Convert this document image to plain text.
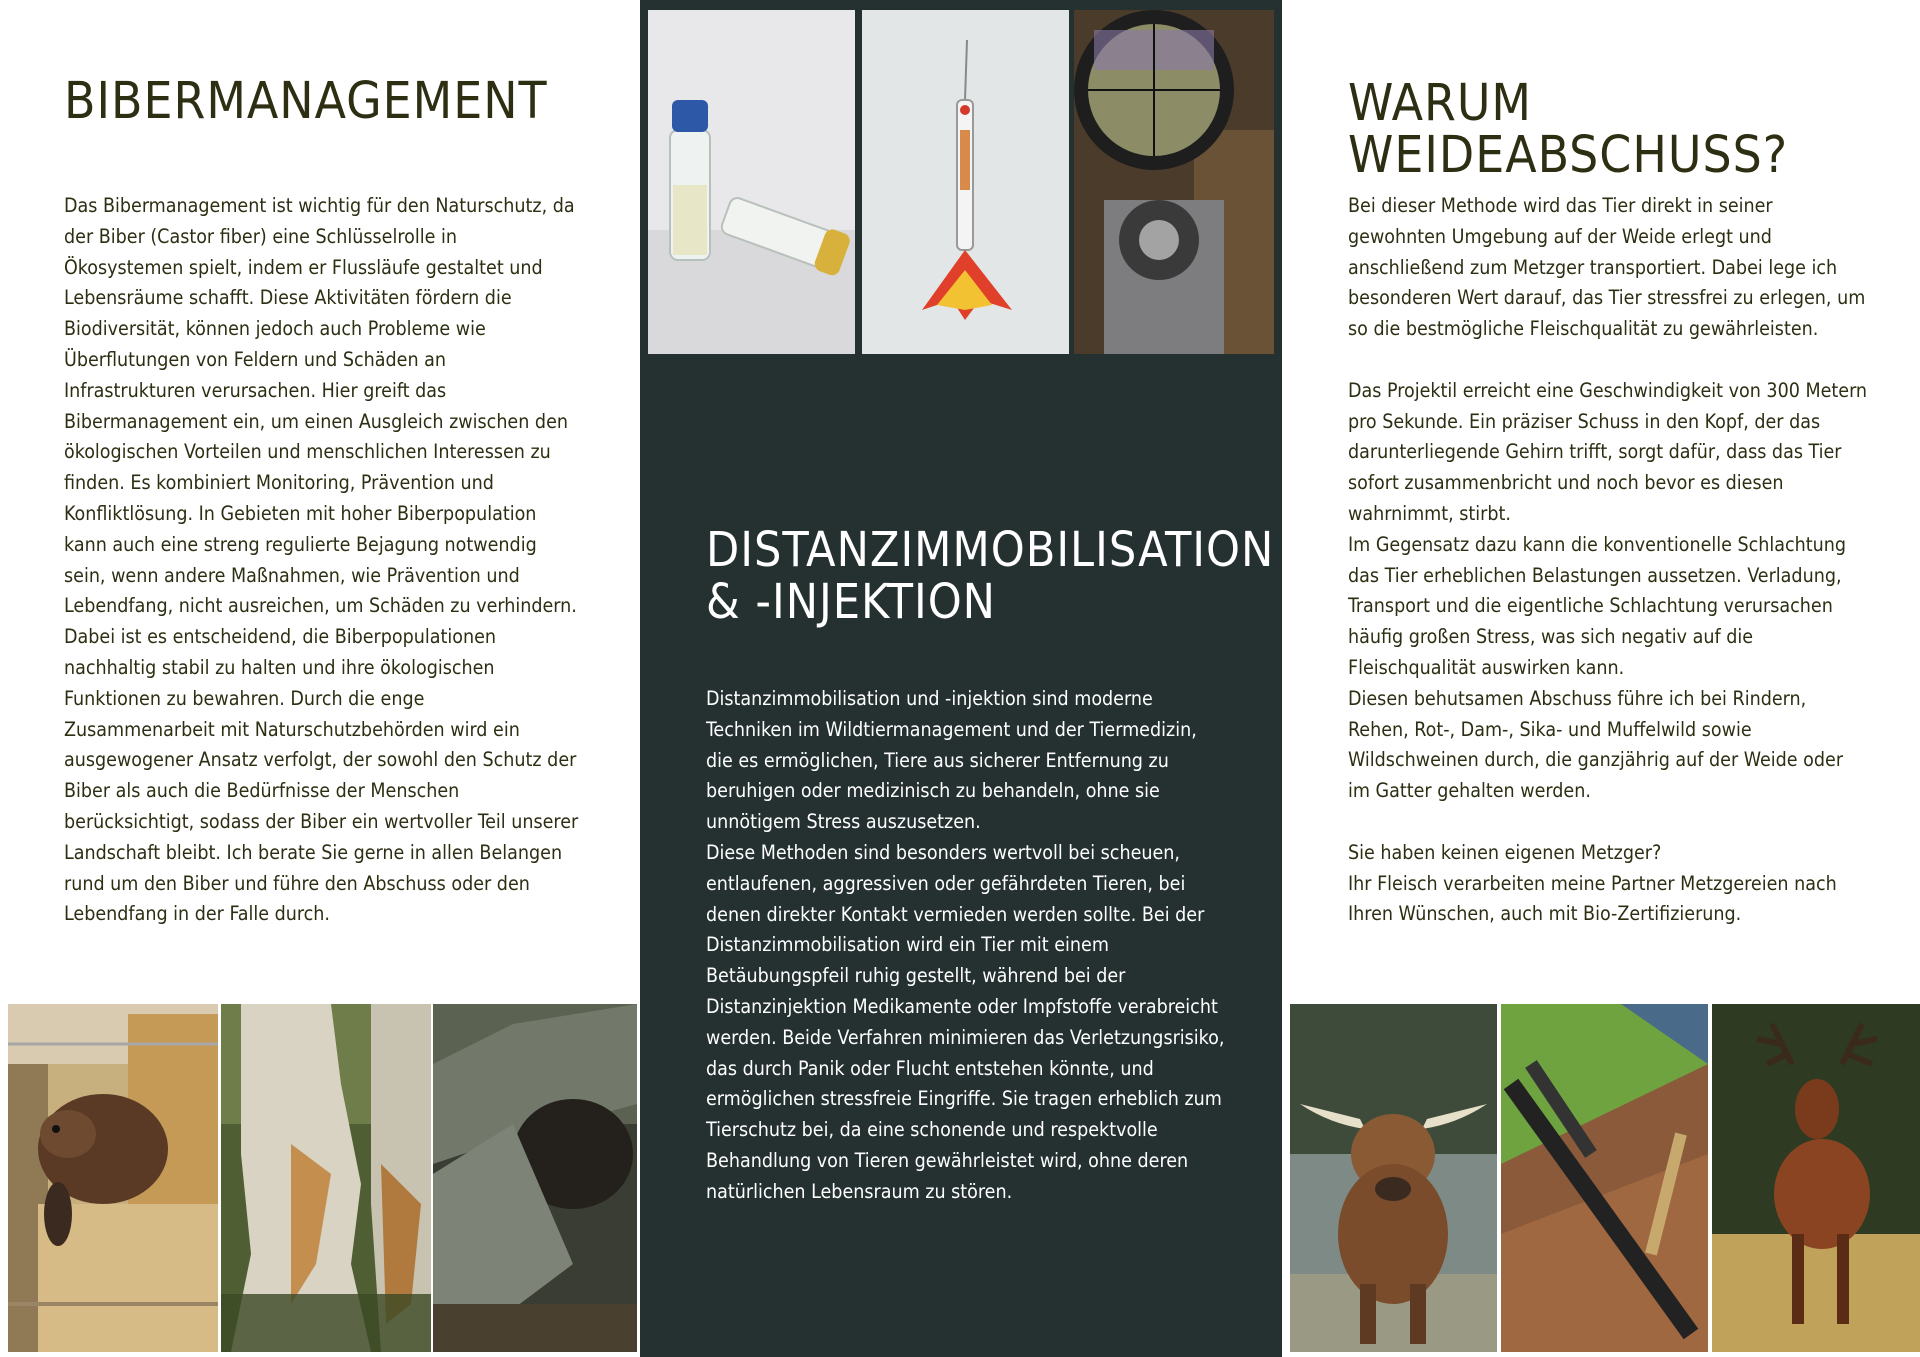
BIBERMANAGEMENT

Das Bibermanagement ist wichtig für den Naturschutz, da der Biber (Castor fiber) eine Schlüsselrolle in Ökosystemen spielt, indem er Flussläufe gestaltet und Lebensräume schafft. Diese Aktivitäten fördern die Biodiversität, können jedoch auch Probleme wie Überflutungen von Feldern und Schäden an Infrastrukturen verursachen. Hier greift das Bibermanagement ein, um einen Ausgleich zwischen den ökologischen Vorteilen und menschlichen Interessen zu finden. Es kombiniert Monitoring, Prävention und Konfliktlösung. In Gebieten mit hoher Biberpopulation kann auch eine streng regulierte Bejagung notwendig sein, wenn andere Maßnahmen, wie Prävention und Lebendfang, nicht ausreichen, um Schäden zu verhindern. Dabei ist es entscheidend, die Biberpopulationen nachhaltig stabil zu halten und ihre ökologischen Funktionen zu bewahren. Durch die enge Zusammenarbeit mit Naturschutzbehörden wird ein ausgewogener Ansatz verfolgt, der sowohl den Schutz der Biber als auch die Bedürfnisse der Menschen berücksichtigt, sodass der Biber ein wertvoller Teil unserer Landschaft bleibt. Ich berate Sie gerne in allen Belangen rund um den Biber und führe den Abschuss oder den Lebendfang in der Falle durch.

DISTANZIMMOBILISATION
& -INJEKTION

Distanzimmobilisation und -injektion sind moderne Techniken im Wildtiermanagement und der Tiermedizin, die es ermöglichen, Tiere aus sicherer Entfernung zu beruhigen oder medizinisch zu behandeln, ohne sie unnötigem Stress auszusetzen.
Diese Methoden sind besonders wertvoll bei scheuen, entlaufenen, aggressiven oder gefährdeten Tieren, bei denen direkter Kontakt vermieden werden sollte. Bei der Distanzimmobilisation wird ein Tier mit einem Betäubungspfeil ruhig gestellt, während bei der Distanzinjektion Medikamente oder Impfstoffe verabreicht werden. Beide Verfahren minimieren das Verletzungsrisiko, das durch Panik oder Flucht entstehen könnte, und ermöglichen stressfreie Eingriffe. Sie tragen erheblich zum Tierschutz bei, da eine schonende und respektvolle Behandlung von Tieren gewährleistet wird, ohne deren natürlichen Lebensraum zu stören.

WARUM
WEIDEABSCHUSS?

Bei dieser Methode wird das Tier direkt in seiner gewohnten Umgebung auf der Weide erlegt und anschließend zum Metzger transportiert. Dabei lege ich besonderen Wert darauf, das Tier stressfrei zu erlegen, um so die bestmögliche Fleischqualität zu gewährleisten.

Das Projektil erreicht eine Geschwindigkeit von 300 Metern pro Sekunde. Ein präziser Schuss in den Kopf, der das darunterliegende Gehirn trifft, sorgt dafür, dass das Tier sofort zusammenbricht und noch bevor es diesen wahrnimmt, stirbt.
Im Gegensatz dazu kann die konventionelle Schlachtung das Tier erheblichen Belastungen aussetzen. Verladung, Transport und die eigentliche Schlachtung verursachen häufig großen Stress, was sich negativ auf die Fleischqualität auswirken kann.
Diesen behutsamen Abschuss führe ich bei Rindern, Rehen, Rot-, Dam-, Sika- und Muffelwild sowie Wildschweinen durch, die ganzjährig auf der Weide oder im Gatter gehalten werden.

Sie haben keinen eigenen Metzger?
Ihr Fleisch verarbeiten meine Partner Metzgereien nach Ihren Wünschen, auch mit Bio-Zertifizierung.
